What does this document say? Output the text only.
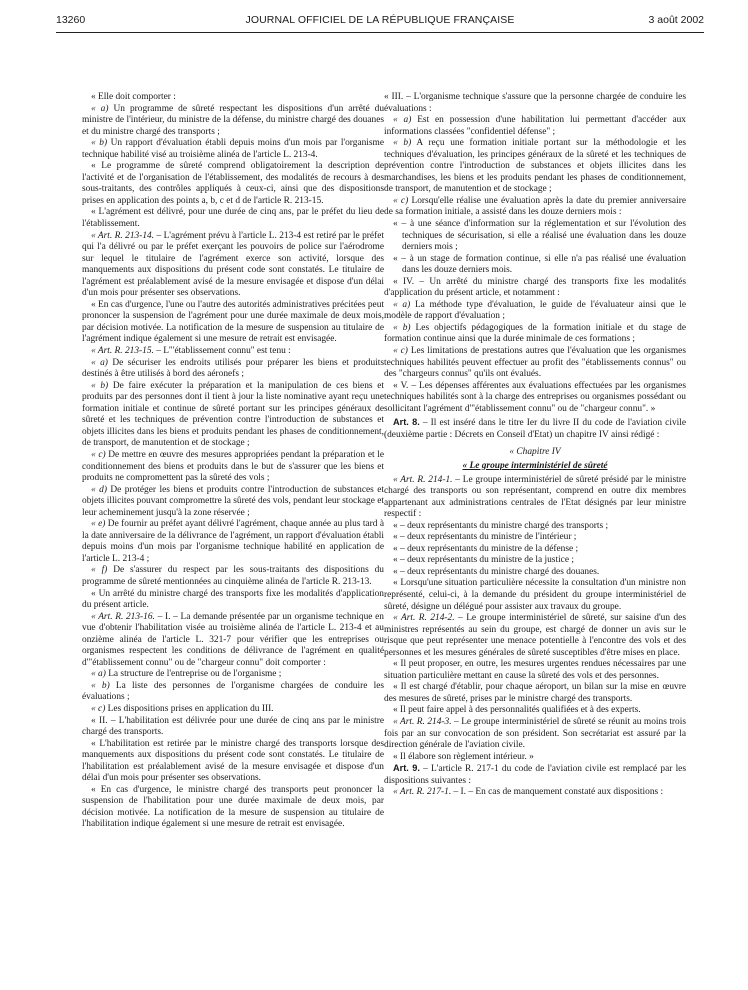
13260	JOURNAL OFFICIEL DE LA RÉPUBLIQUE FRANÇAISE	3 août 2002

« Elle doit comporter :

« a) Un programme de sûreté respectant les dispositions d'un arrêté du ministre de l'intérieur, du ministre de la défense, du ministre chargé des douanes et du ministre chargé des transports ;

« b) Un rapport d'évaluation établi depuis moins d'un mois par l'organisme technique habilité visé au troisième alinéa de l'article L. 213-4.

« Le programme de sûreté comprend obligatoirement la description de l'activité et de l'organisation de l'établissement, des modalités de recours à des sous-traitants, des contrôles appliqués à ceux-ci, ainsi que des dispositions prises en application des points a, b, c et d de l'article R. 213-15.

« L'agrément est délivré, pour une durée de cinq ans, par le préfet du lieu de l'établissement.

« Art. R. 213-14. – L'agrément prévu à l'article L. 213-4 est retiré par le préfet qui l'a délivré ou par le préfet exerçant les pouvoirs de police sur l'aérodrome sur lequel le titulaire de l'agrément exerce son activité, lorsque des manquements aux dispositions du présent code sont constatés. Le titulaire de l'agrément est préalablement avisé de la mesure envisagée et dispose d'un délai d'un mois pour présenter ses observations.

« En cas d'urgence, l'une ou l'autre des autorités administratives précitées peut prononcer la suspension de l'agrément pour une durée maximale de deux mois, par décision motivée. La notification de la mesure de suspension au titulaire de l'agrément indique également si une mesure de retrait est envisagée.

« Art. R. 213-15. – L'"établissement connu" est tenu :

« a) De sécuriser les endroits utilisés pour préparer les biens et produits destinés à être utilisés à bord des aéronefs ;

« b) De faire exécuter la préparation et la manipulation de ces biens et produits par des personnes dont il tient à jour la liste nominative ayant reçu une formation initiale et continue de sûreté portant sur les principes généraux de sûreté et les techniques de prévention contre l'introduction de substances et objets illicites dans les biens et produits pendant les phases de conditionnement, de transport, de manutention et de stockage ;

« c) De mettre en œuvre des mesures appropriées pendant la préparation et le conditionnement des biens et produits dans le but de s'assurer que les biens et produits ne compromettent pas la sûreté des vols ;

« d) De protéger les biens et produits contre l'introduction de substances et objets illicites pouvant compromettre la sûreté des vols, pendant leur stockage et leur acheminement jusqu'à la zone réservée ;

« e) De fournir au préfet ayant délivré l'agrément, chaque année au plus tard à la date anniversaire de la délivrance de l'agrément, un rapport d'évaluation établi depuis moins d'un mois par l'organisme technique habilité en application de l'article L. 213-4 ;

« f) De s'assurer du respect par les sous-traitants des dispositions du programme de sûreté mentionnées au cinquième alinéa de l'article R. 213-13.

« Un arrêté du ministre chargé des transports fixe les modalités d'application du présent article.

« Art. R. 213-16. – I. – La demande présentée par un organisme technique en vue d'obtenir l'habilitation visée au troisième alinéa de l'article L. 213-4 et au onzième alinéa de l'article L. 321-7 pour vérifier que les entreprises ou organismes respectent les conditions de délivrance de l'agrément en qualité d'"établissement connu" ou de "chargeur connu" doit comporter :

« a) La structure de l'entreprise ou de l'organisme ;

« b) La liste des personnes de l'organisme chargées de conduire les évaluations ;

« c) Les dispositions prises en application du III.

« II. – L'habilitation est délivrée pour une durée de cinq ans par le ministre chargé des transports.

« L'habilitation est retirée par le ministre chargé des transports lorsque des manquements aux dispositions du présent code sont constatés. Le titulaire de l'habilitation est préalablement avisé de la mesure envisagée et dispose d'un délai d'un mois pour présenter ses observations.

« En cas d'urgence, le ministre chargé des transports peut prononcer la suspension de l'habilitation pour une durée maximale de deux mois, par décision motivée. La notification de la mesure de suspension au titulaire de l'habilitation indique également si une mesure de retrait est envisagée.

« III. – L'organisme technique s'assure que la personne chargée de conduire les évaluations :

« a) Est en possession d'une habilitation lui permettant d'accéder aux informations classées "confidentiel défense" ;

« b) A reçu une formation initiale portant sur la méthodologie et les techniques d'évaluation, les principes généraux de la sûreté et les techniques de prévention contre l'introduction de substances et objets illicites dans les marchandises, les biens et les produits pendant les phases de conditionnement, de transport, de manutention et de stockage ;

« c) Lorsqu'elle réalise une évaluation après la date du premier anniversaire de sa formation initiale, a assisté dans les douze derniers mois :

« – à une séance d'information sur la réglementation et sur l'évolution des techniques de sécurisation, si elle a réalisé une évaluation dans les douze derniers mois ;

« – à un stage de formation continue, si elle n'a pas réalisé une évaluation dans les douze derniers mois.

« IV. – Un arrêté du ministre chargé des transports fixe les modalités d'application du présent article, et notamment :

« a) La méthode type d'évaluation, le guide de l'évaluateur ainsi que le modèle de rapport d'évaluation ;

« b) Les objectifs pédagogiques de la formation initiale et du stage de formation continue ainsi que la durée minimale de ces formations ;

« c) Les limitations de prestations autres que l'évaluation que les organismes techniques habilités peuvent effectuer au profit des "établissements connus" ou des "chargeurs connus" qu'ils ont évalués.

« V. – Les dépenses afférentes aux évaluations effectuées par les organismes techniques habilités sont à la charge des entreprises ou organismes possédant ou sollicitant l'agrément d'"établissement connu" ou de "chargeur connu". »

Art. 8. – Il est inséré dans le titre Ier du livre II du code de l'aviation civile (deuxième partie : Décrets en Conseil d'Etat) un chapitre IV ainsi rédigé :

« Chapitre IV

« Le groupe interministériel de sûreté

« Art. R. 214-1. – Le groupe interministériel de sûreté présidé par le ministre chargé des transports ou son représentant, comprend en outre dix membres appartenant aux administrations centrales de l'Etat désignés par leur ministre respectif :

« – deux représentants du ministre chargé des transports ;

« – deux représentants du ministre de l'intérieur ;

« – deux représentants du ministre de la défense ;

« – deux représentants du ministre de la justice ;

« – deux représentants du ministre chargé des douanes.

« Lorsqu'une situation particulière nécessite la consultation d'un ministre non représenté, celui-ci, à la demande du président du groupe interministériel de sûreté, désigne un délégué pour assister aux travaux du groupe.

« Art. R. 214-2. – Le groupe interministériel de sûreté, sur saisine d'un des ministres représentés au sein du groupe, est chargé de donner un avis sur le risque que peut représenter une menace potentielle à l'encontre des vols et des personnes et les mesures générales de sûreté susceptibles d'être mises en place.

« Il peut proposer, en outre, les mesures urgentes rendues nécessaires par une situation particulière mettant en cause la sûreté des vols et des personnes.

« Il est chargé d'établir, pour chaque aéroport, un bilan sur la mise en œuvre des mesures de sûreté, prises par le ministre chargé des transports.

« Il peut faire appel à des personnalités qualifiées et à des experts.

« Art. R. 214-3. – Le groupe interministériel de sûreté se réunit au moins trois fois par an sur convocation de son président. Son secrétariat est assuré par la direction générale de l'aviation civile.

« Il élabore son règlement intérieur. »

Art. 9. – L'article R. 217-1 du code de l'aviation civile est remplacé par les dispositions suivantes :

« Art. R. 217-1. – I. – En cas de manquement constaté aux dispositions :
